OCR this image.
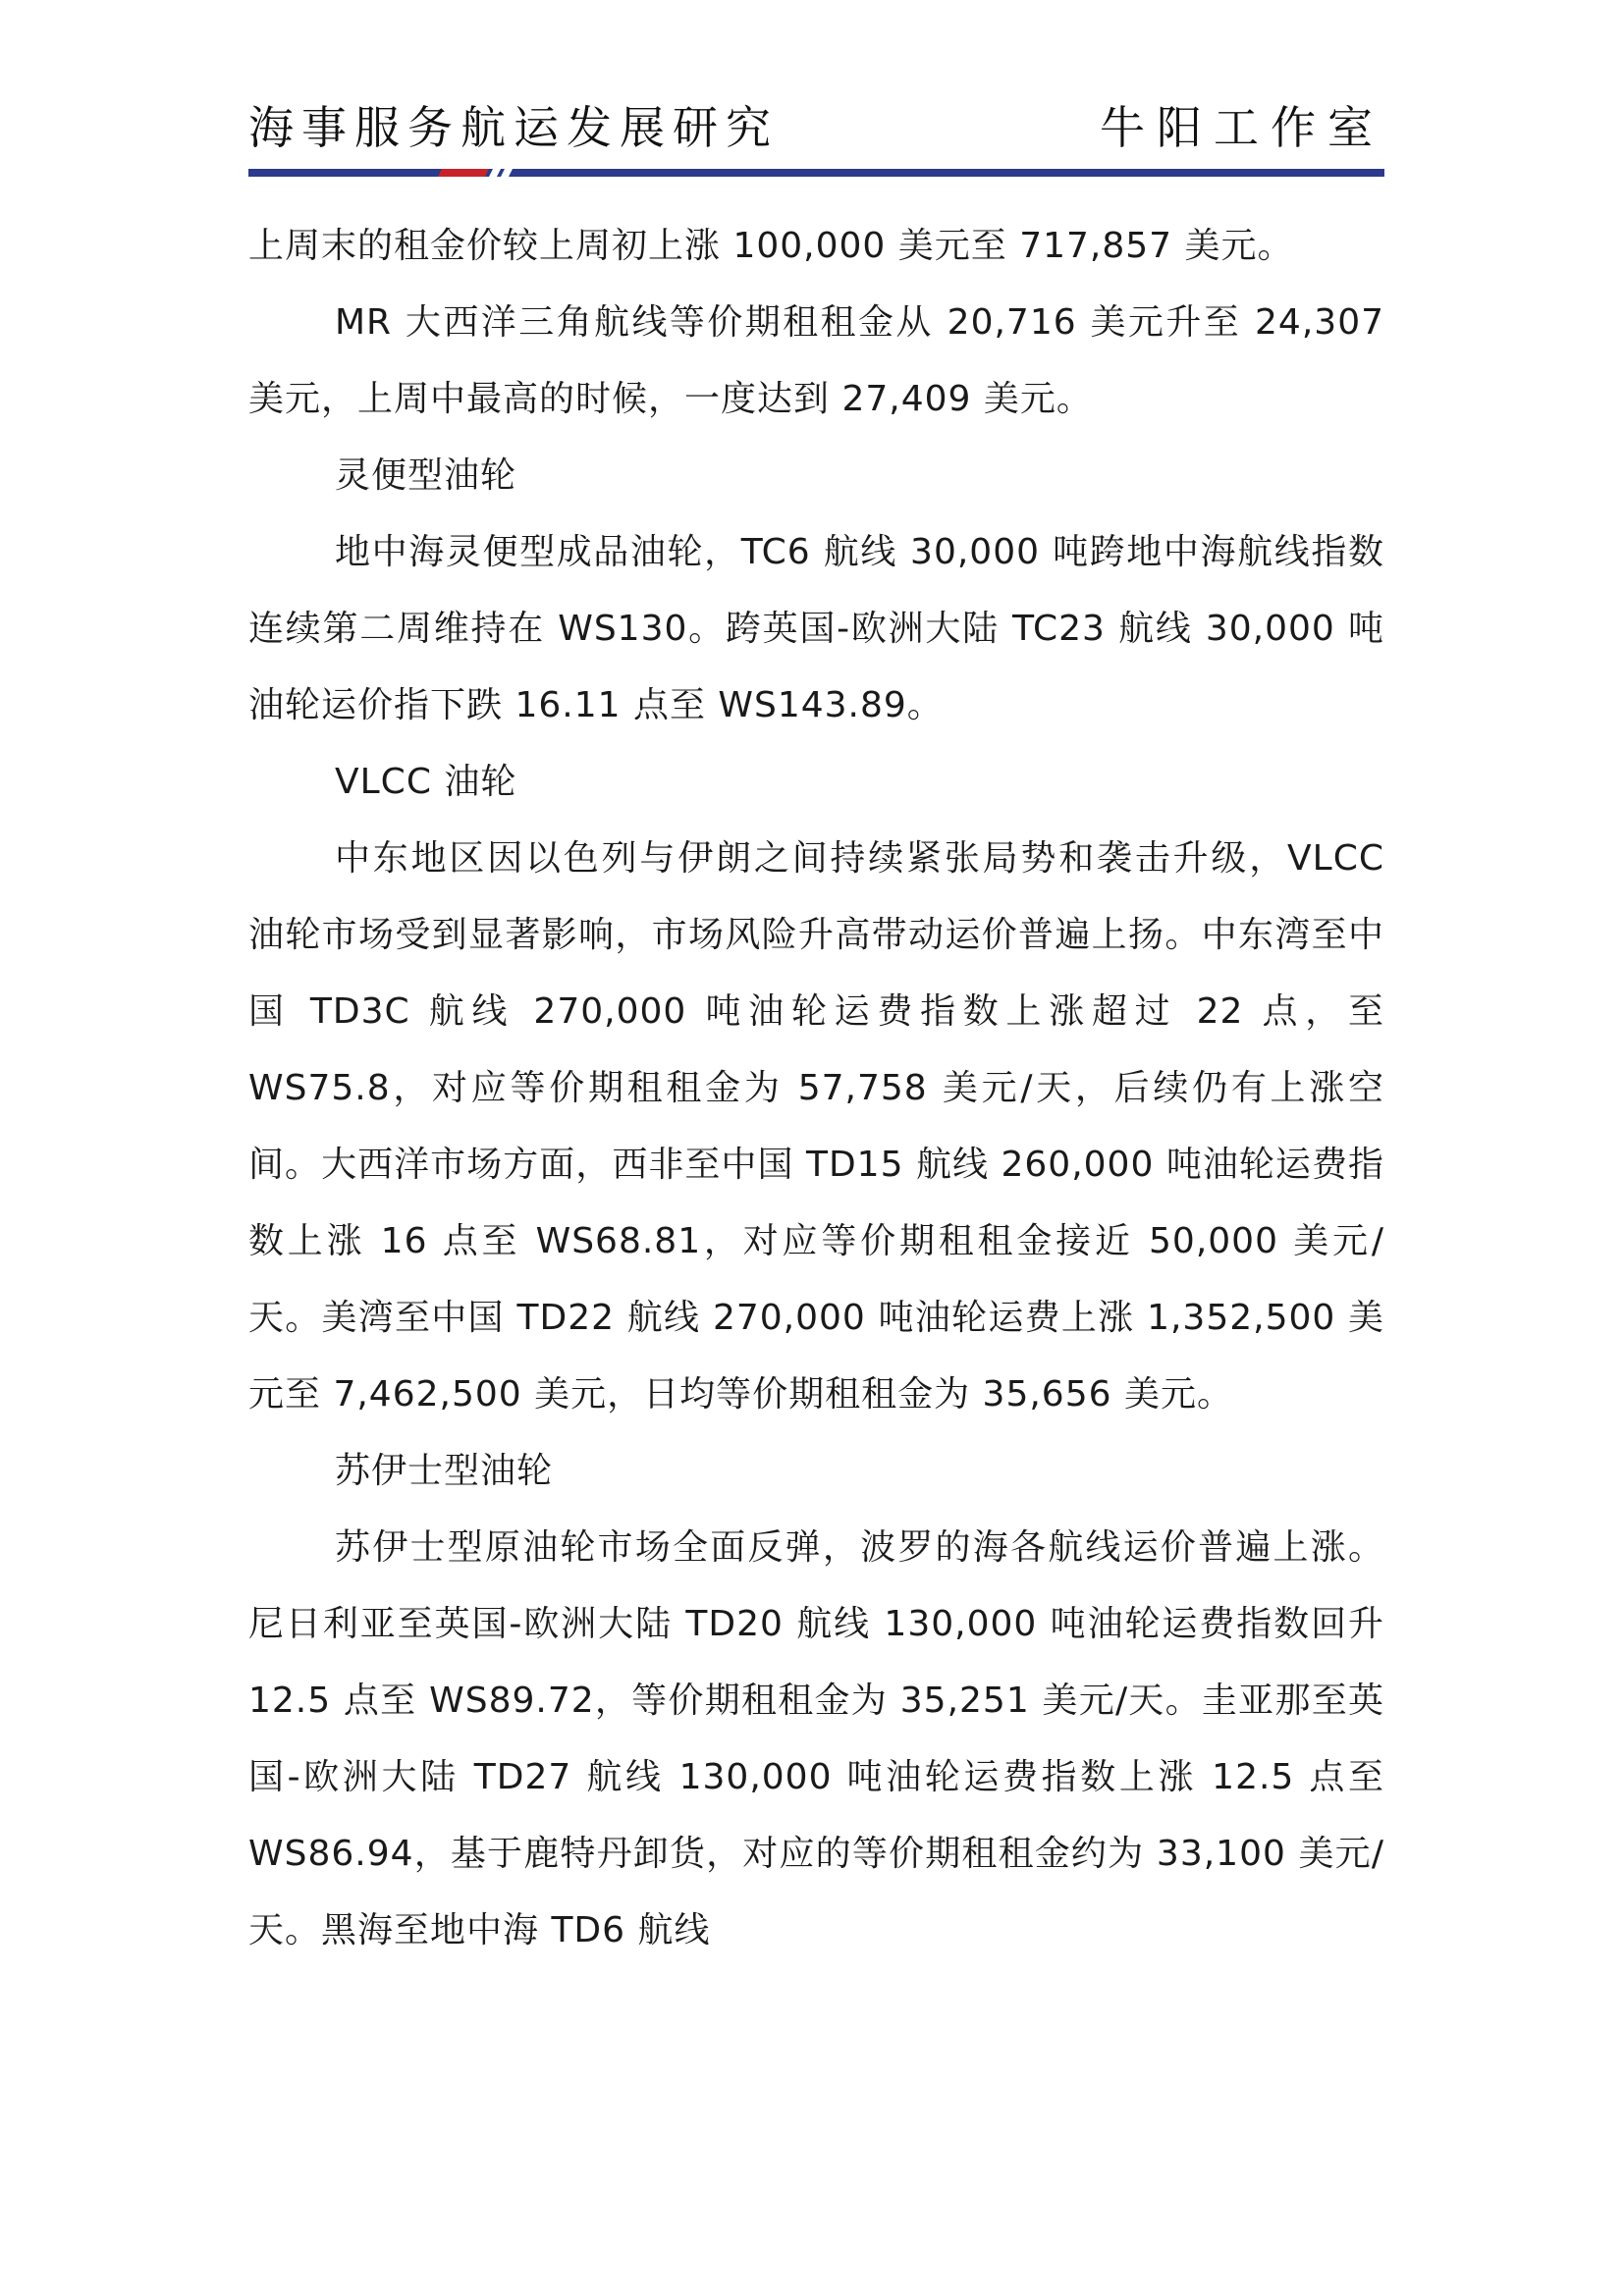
海事服务航运发展研究	牛阳工作室

上周末的租金价较上周初上涨 100,000 美元至 717,857 美元。

MR 大西洋三角航线等价期租租金从 20,716 美元升至 24,307 美元，上周中最高的时候，一度达到 27,409 美元。

灵便型油轮

地中海灵便型成品油轮，TC6 航线 30,000 吨跨地中海航线指数连续第二周维持在 WS130。跨英国-欧洲大陆 TC23 航线 30,000 吨油轮运价指下跌 16.11 点至 WS143.89。

VLCC 油轮

中东地区因以色列与伊朗之间持续紧张局势和袭击升级，VLCC 油轮市场受到显著影响，市场风险升高带动运价普遍上扬。中东湾至中国 TD3C 航线 270,000 吨油轮运费指数上涨超过 22 点，至 WS75.8，对应等价期租租金为 57,758 美元/天，后续仍有上涨空间。大西洋市场方面，西非至中国 TD15 航线 260,000 吨油轮运费指数上涨 16 点至 WS68.81，对应等价期租租金接近 50,000 美元/天。美湾至中国 TD22 航线 270,000 吨油轮运费上涨 1,352,500 美元至 7,462,500 美元，日均等价期租租金为 35,656 美元。

苏伊士型油轮

苏伊士型原油轮市场全面反弹，波罗的海各航线运价普遍上涨。尼日利亚至英国-欧洲大陆 TD20 航线 130,000 吨油轮运费指数回升 12.5 点至 WS89.72，等价期租租金为 35,251 美元/天。圭亚那至英国-欧洲大陆 TD27 航线 130,000 吨油轮运费指数上涨 12.5 点至 WS86.94，基于鹿特丹卸货，对应的等价期租租金约为 33,100 美元/天。黑海至地中海 TD6 航线
